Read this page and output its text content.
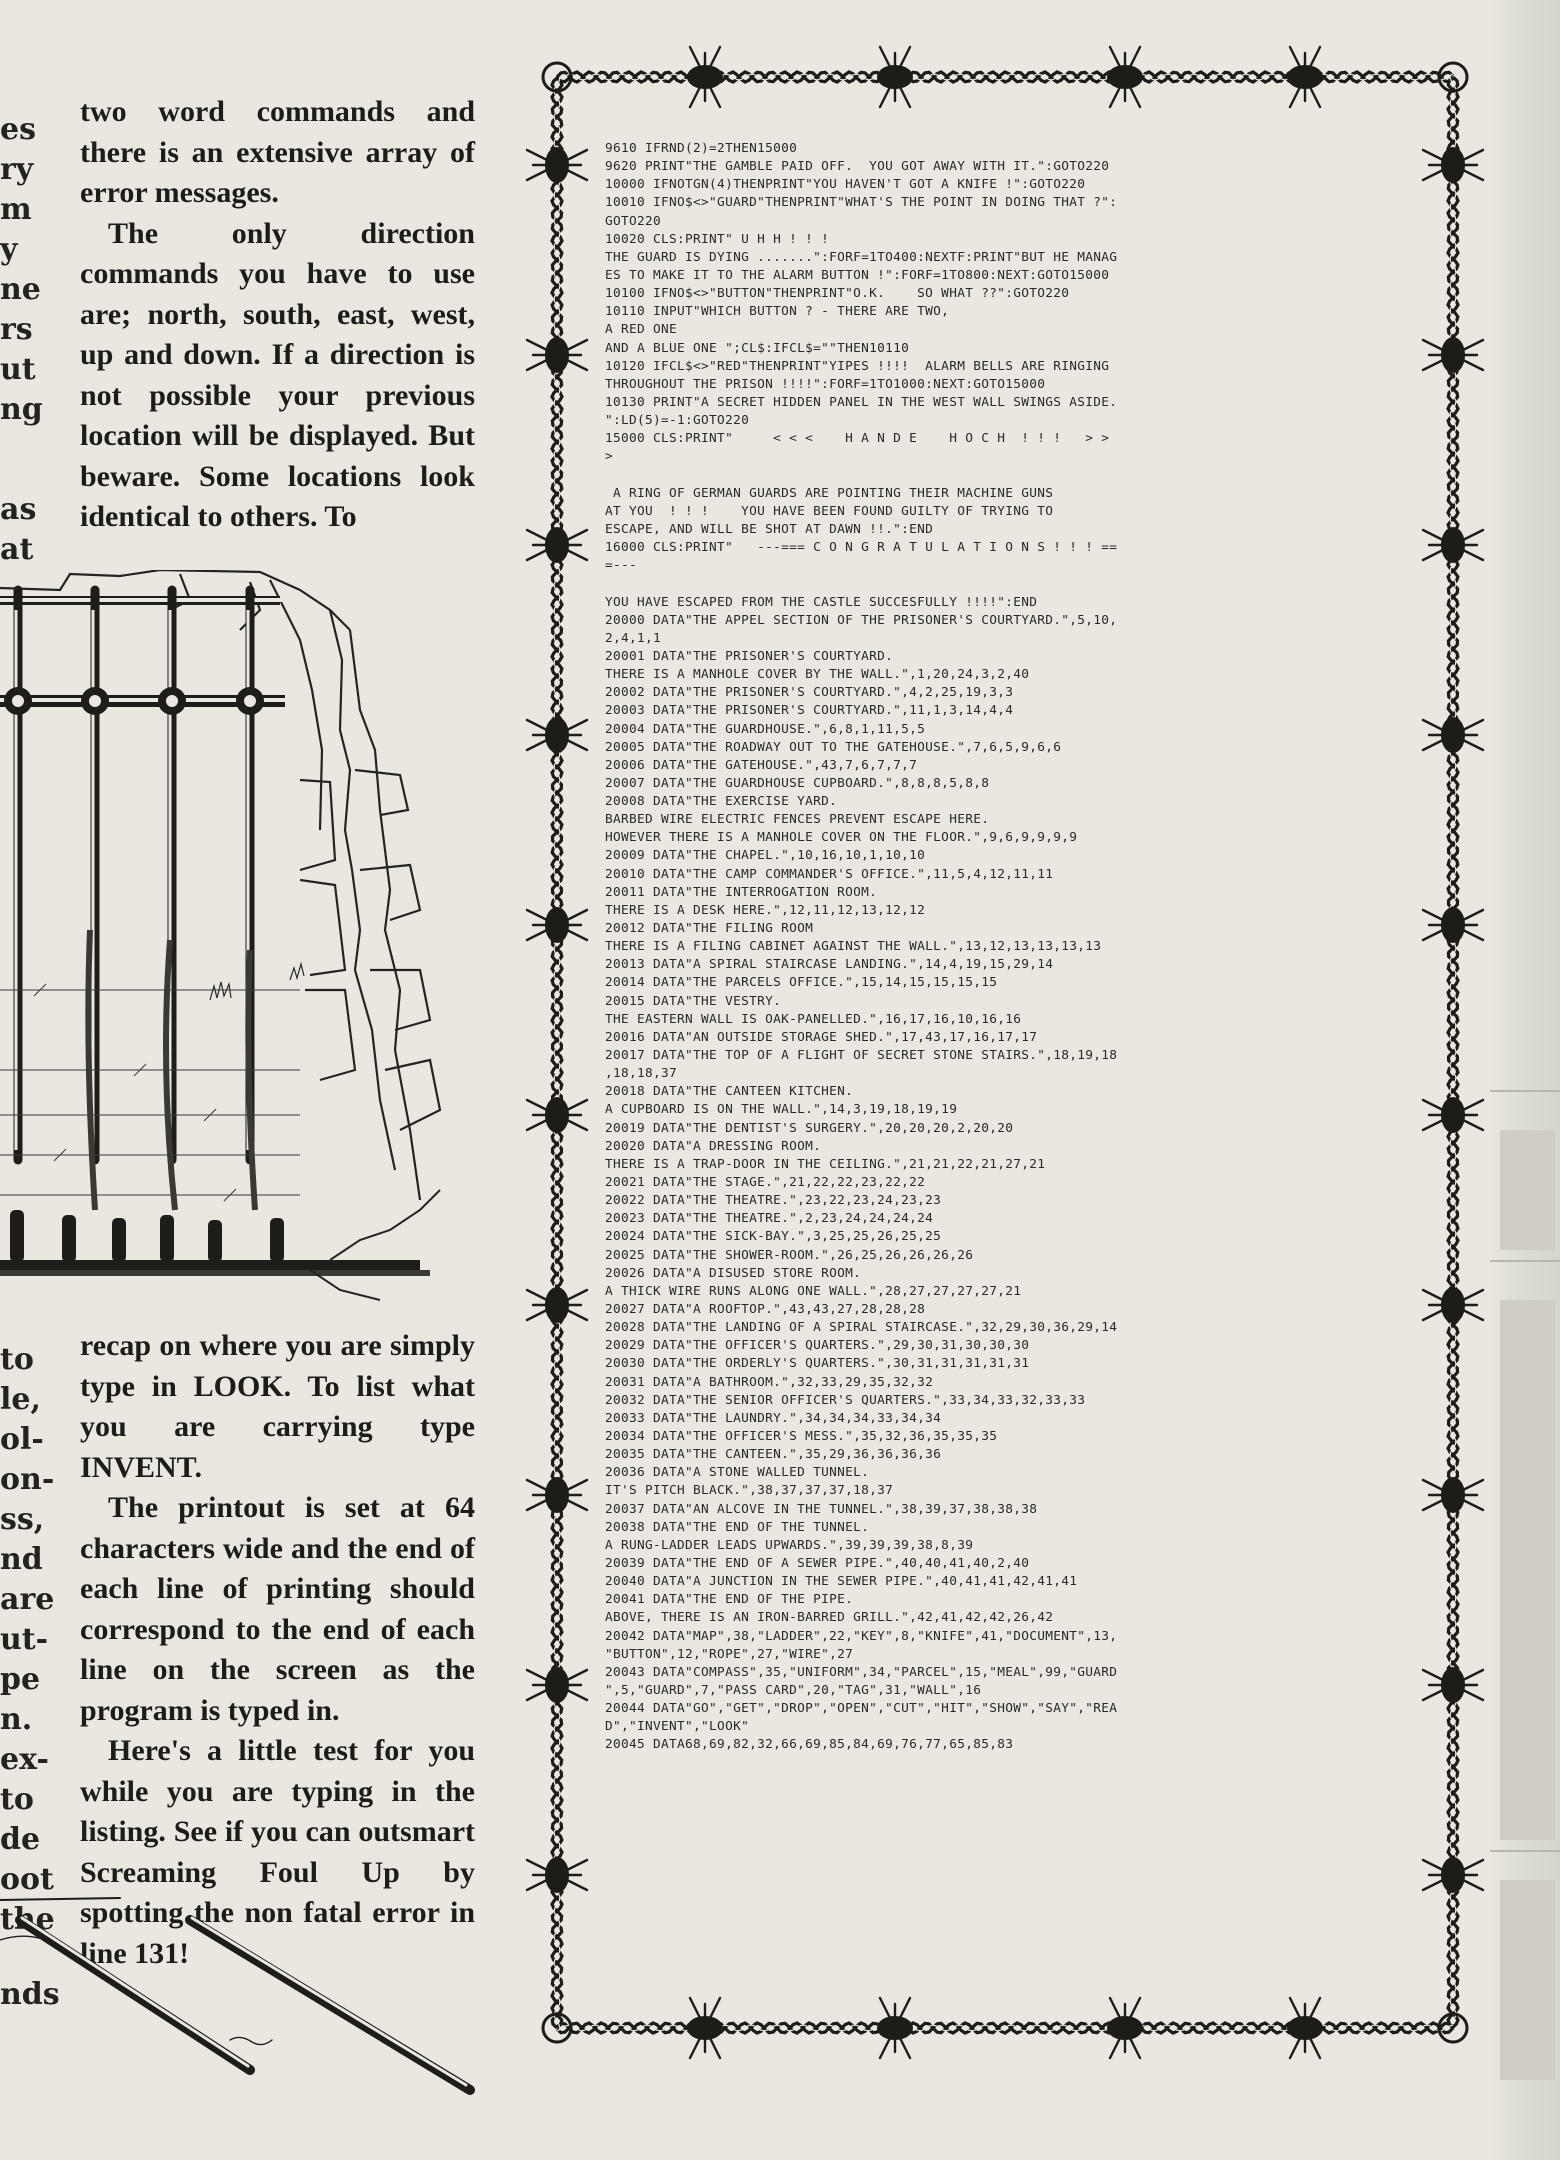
es
ry
m
y
ne
rs
ut
ng
as
at
to
le,
ol-
on-
ss,
nd
are
ut-
pe
n.
ex-
to
de
oot
the
nds

two word commands and there is an extensive array of error messages.

The only direction commands you have to use are; north, south, east, west, up and down. If a direction is not possible your previous location will be displayed. But beware. Some locations look identical to others. To

recap on where you are simply type in LOOK. To list what you are carrying type INVENT.

The printout is set at 64 characters wide and the end of each line of printing should correspond to the end of each line on the screen as the program is typed in.

Here's a little test for you while you are typing in the listing. See if you can outsmart Screaming Foul Up by spotting the non fatal error in line 131!

9610 IFRND(2)=2THEN15000
9620 PRINT"THE GAMBLE PAID OFF.  YOU GOT AWAY WITH IT.":GOTO220
10000 IFNOTGN(4)THENPRINT"YOU HAVEN'T GOT A KNIFE !":GOTO220
10010 IFNO$<>"GUARD"THENPRINT"WHAT'S THE POINT IN DOING THAT ?":
GOTO220
10020 CLS:PRINT" U H H ! ! !
THE GUARD IS DYING .......":FORF=1TO400:NEXTF:PRINT"BUT HE MANAG
ES TO MAKE IT TO THE ALARM BUTTON !":FORF=1TO800:NEXT:GOTO15000
10100 IFNO$<>"BUTTON"THENPRINT"O.K.    SO WHAT ??":GOTO220
10110 INPUT"WHICH BUTTON ? - THERE ARE TWO,
A RED ONE
AND A BLUE ONE ";CL$:IFCL$=""THEN10110
10120 IFCL$<>"RED"THENPRINT"YIPES !!!!  ALARM BELLS ARE RINGING
THROUGHOUT THE PRISON !!!!":FORF=1TO1000:NEXT:GOTO15000
10130 PRINT"A SECRET HIDDEN PANEL IN THE WEST WALL SWINGS ASIDE.
":LD(5)=-1:GOTO220
15000 CLS:PRINT"     < < <    H A N D E    H O C H  ! ! !   > >
>
A RING OF GERMAN GUARDS ARE POINTING THEIR MACHINE GUNS
AT YOU  ! ! !    YOU HAVE BEEN FOUND GUILTY OF TRYING TO
ESCAPE, AND WILL BE SHOT AT DAWN !!.":END
16000 CLS:PRINT"   ---=== C O N G R A T U L A T I O N S ! ! ! ==
=---
YOU HAVE ESCAPED FROM THE CASTLE SUCCESFULLY !!!!":END
20000 DATA"THE APPEL SECTION OF THE PRISONER'S COURTYARD.",5,10,
2,4,1,1
20001 DATA"THE PRISONER'S COURTYARD.
THERE IS A MANHOLE COVER BY THE WALL.",1,20,24,3,2,40
20002 DATA"THE PRISONER'S COURTYARD.",4,2,25,19,3,3
20003 DATA"THE PRISONER'S COURTYARD.",11,1,3,14,4,4
20004 DATA"THE GUARDHOUSE.",6,8,1,11,5,5
20005 DATA"THE ROADWAY OUT TO THE GATEHOUSE.",7,6,5,9,6,6
20006 DATA"THE GATEHOUSE.",43,7,6,7,7,7
20007 DATA"THE GUARDHOUSE CUPBOARD.",8,8,8,5,8,8
20008 DATA"THE EXERCISE YARD.
BARBED WIRE ELECTRIC FENCES PREVENT ESCAPE HERE.
HOWEVER THERE IS A MANHOLE COVER ON THE FLOOR.",9,6,9,9,9,9
20009 DATA"THE CHAPEL.",10,16,10,1,10,10
20010 DATA"THE CAMP COMMANDER'S OFFICE.",11,5,4,12,11,11
20011 DATA"THE INTERROGATION ROOM.
THERE IS A DESK HERE.",12,11,12,13,12,12
20012 DATA"THE FILING ROOM
THERE IS A FILING CABINET AGAINST THE WALL.",13,12,13,13,13,13
20013 DATA"A SPIRAL STAIRCASE LANDING.",14,4,19,15,29,14
20014 DATA"THE PARCELS OFFICE.",15,14,15,15,15,15
20015 DATA"THE VESTRY.
THE EASTERN WALL IS OAK-PANELLED.",16,17,16,10,16,16
20016 DATA"AN OUTSIDE STORAGE SHED.",17,43,17,16,17,17
20017 DATA"THE TOP OF A FLIGHT OF SECRET STONE STAIRS.",18,19,18
,18,18,37
20018 DATA"THE CANTEEN KITCHEN.
A CUPBOARD IS ON THE WALL.",14,3,19,18,19,19
20019 DATA"THE DENTIST'S SURGERY.",20,20,20,2,20,20
20020 DATA"A DRESSING ROOM.
THERE IS A TRAP-DOOR IN THE CEILING.",21,21,22,21,27,21
20021 DATA"THE STAGE.",21,22,22,23,22,22
20022 DATA"THE THEATRE.",23,22,23,24,23,23
20023 DATA"THE THEATRE.",2,23,24,24,24,24
20024 DATA"THE SICK-BAY.",3,25,25,26,25,25
20025 DATA"THE SHOWER-ROOM.",26,25,26,26,26,26
20026 DATA"A DISUSED STORE ROOM.
A THICK WIRE RUNS ALONG ONE WALL.",28,27,27,27,27,21
20027 DATA"A ROOFTOP.",43,43,27,28,28,28
20028 DATA"THE LANDING OF A SPIRAL STAIRCASE.",32,29,30,36,29,14
20029 DATA"THE OFFICER'S QUARTERS.",29,30,31,30,30,30
20030 DATA"THE ORDERLY'S QUARTERS.",30,31,31,31,31,31
20031 DATA"A BATHROOM.",32,33,29,35,32,32
20032 DATA"THE SENIOR OFFICER'S QUARTERS.",33,34,33,32,33,33
20033 DATA"THE LAUNDRY.",34,34,34,33,34,34
20034 DATA"THE OFFICER'S MESS.",35,32,36,35,35,35
20035 DATA"THE CANTEEN.",35,29,36,36,36,36
20036 DATA"A STONE WALLED TUNNEL.
IT'S PITCH BLACK.",38,37,37,37,18,37
20037 DATA"AN ALCOVE IN THE TUNNEL.",38,39,37,38,38,38
20038 DATA"THE END OF THE TUNNEL.
A RUNG-LADDER LEADS UPWARDS.",39,39,39,38,8,39
20039 DATA"THE END OF A SEWER PIPE.",40,40,41,40,2,40
20040 DATA"A JUNCTION IN THE SEWER PIPE.",40,41,41,42,41,41
20041 DATA"THE END OF THE PIPE.
ABOVE, THERE IS AN IRON-BARRED GRILL.",42,41,42,42,26,42
20042 DATA"MAP",38,"LADDER",22,"KEY",8,"KNIFE",41,"DOCUMENT",13,
"BUTTON",12,"ROPE",27,"WIRE",27
20043 DATA"COMPASS",35,"UNIFORM",34,"PARCEL",15,"MEAL",99,"GUARD
",5,"GUARD",7,"PASS CARD",20,"TAG",31,"WALL",16
20044 DATA"GO","GET","DROP","OPEN","CUT","HIT","SHOW","SAY","REA
D","INVENT","LOOK"
20045 DATA68,69,82,32,66,69,85,84,69,76,77,65,85,83
